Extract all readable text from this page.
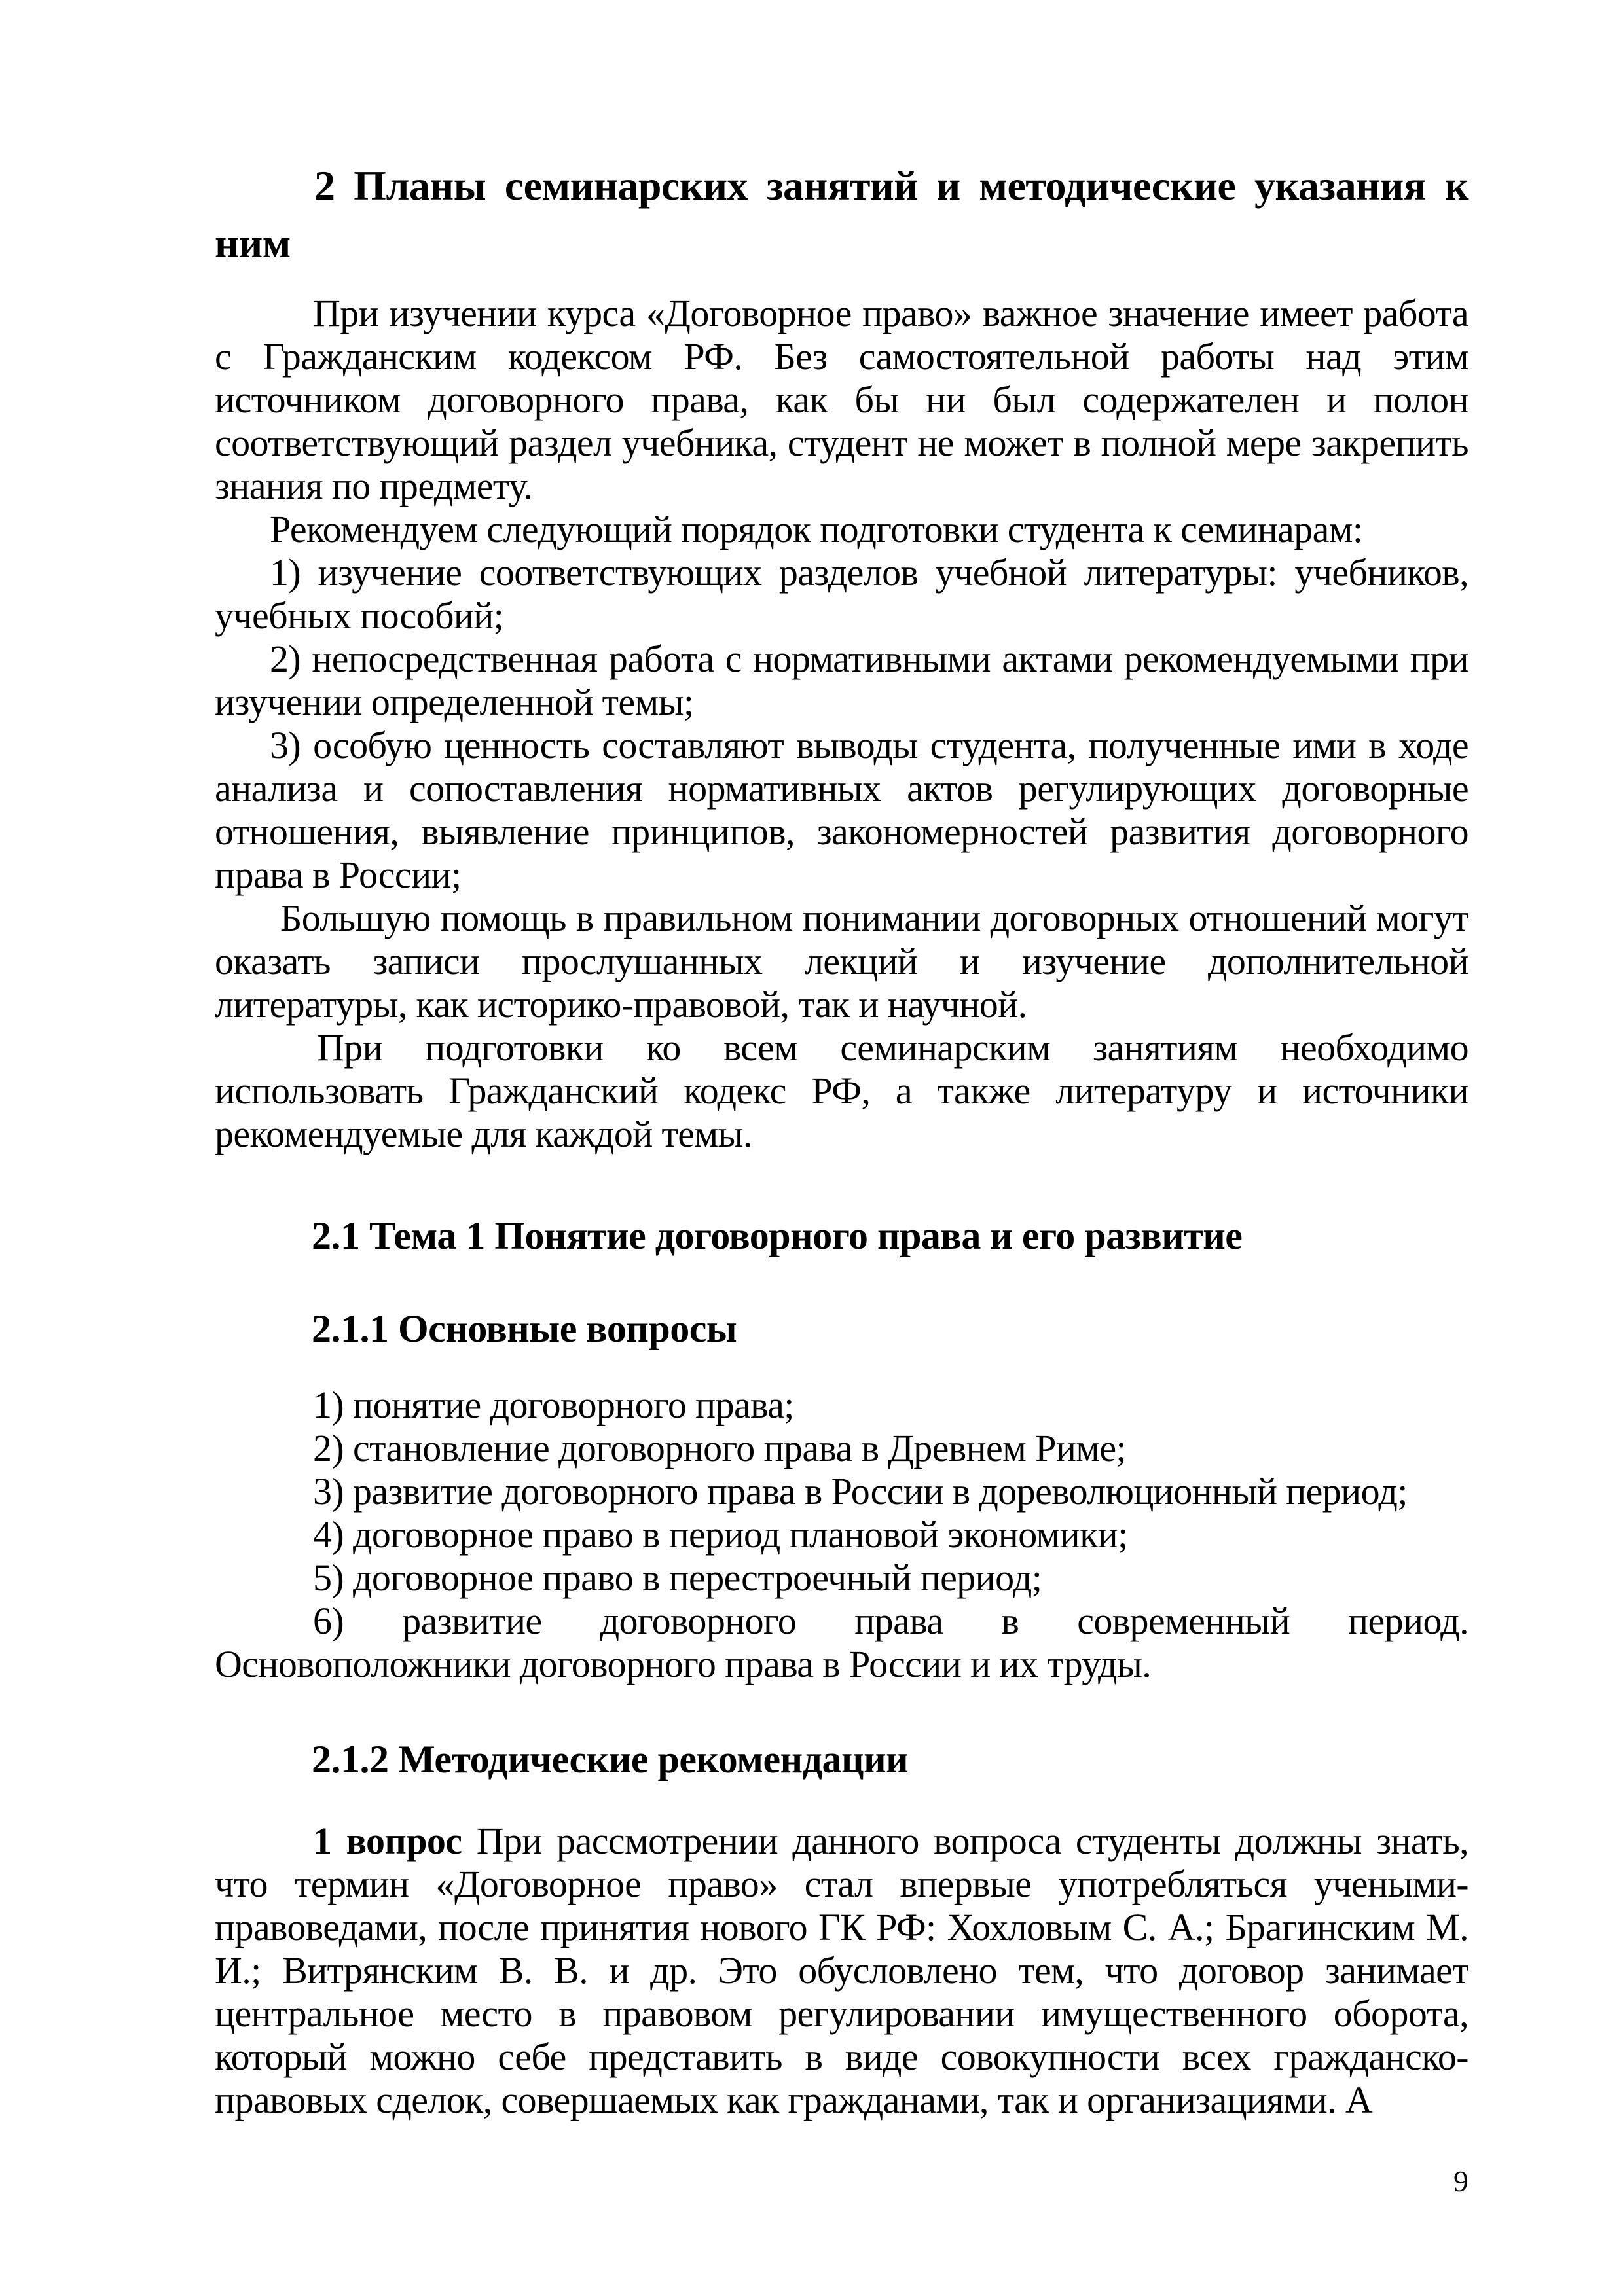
2 Планы семинарских занятий и методические указания к ним

При изучении курса «Договорное право» важное значение имеет работа с Гражданским кодексом РФ. Без самостоятельной работы над этим источником договорного права, как бы ни был содержателен и полон соответствующий раздел учебника, студент не может в полной мере закрепить знания по предмету.

Рекомендуем следующий порядок подготовки студента к семинарам:

1) изучение соответствующих разделов учебной литературы: учебников, учебных пособий;

2) непосредственная работа с нормативными актами рекомендуемыми при изучении определенной темы;

3) особую ценность составляют выводы студента, полученные ими в ходе анализа и сопоставления нормативных актов регулирующих договорные отношения, выявление принципов, закономерностей развития договорного права в России;

Большую помощь в правильном понимании договорных отношений могут оказать записи прослушанных лекций и изучение дополнительной литературы, как историко-правовой, так и научной.

При подготовки ко всем семинарским занятиям необходимо использовать Гражданский кодекс РФ, а также литературу и источники рекомендуемые для каждой темы.

2.1 Тема 1 Понятие договорного права и его развитие

2.1.1 Основные вопросы

1) понятие договорного права;

2) становление договорного права в Древнем Риме;

3) развитие договорного права в России в дореволюционный период;

4) договорное право в период плановой экономики;

5) договорное право в перестроечный период;

6) развитие договорного права в современный период. Основоположники договорного права в России и их труды.

2.1.2 Методические рекомендации

1 вопрос При рассмотрении данного вопроса студенты должны знать, что термин «Договорное право» стал впервые употребляться учеными-правоведами, после принятия нового ГК РФ: Хохловым С. А.; Брагинским М. И.; Витрянским В. В. и др. Это обусловлено тем, что договор занимает центральное место в правовом регулировании имущественного оборота, который можно себе представить в виде совокупности всех гражданско-правовых сделок, совершаемых как гражданами, так и организациями. А

9
